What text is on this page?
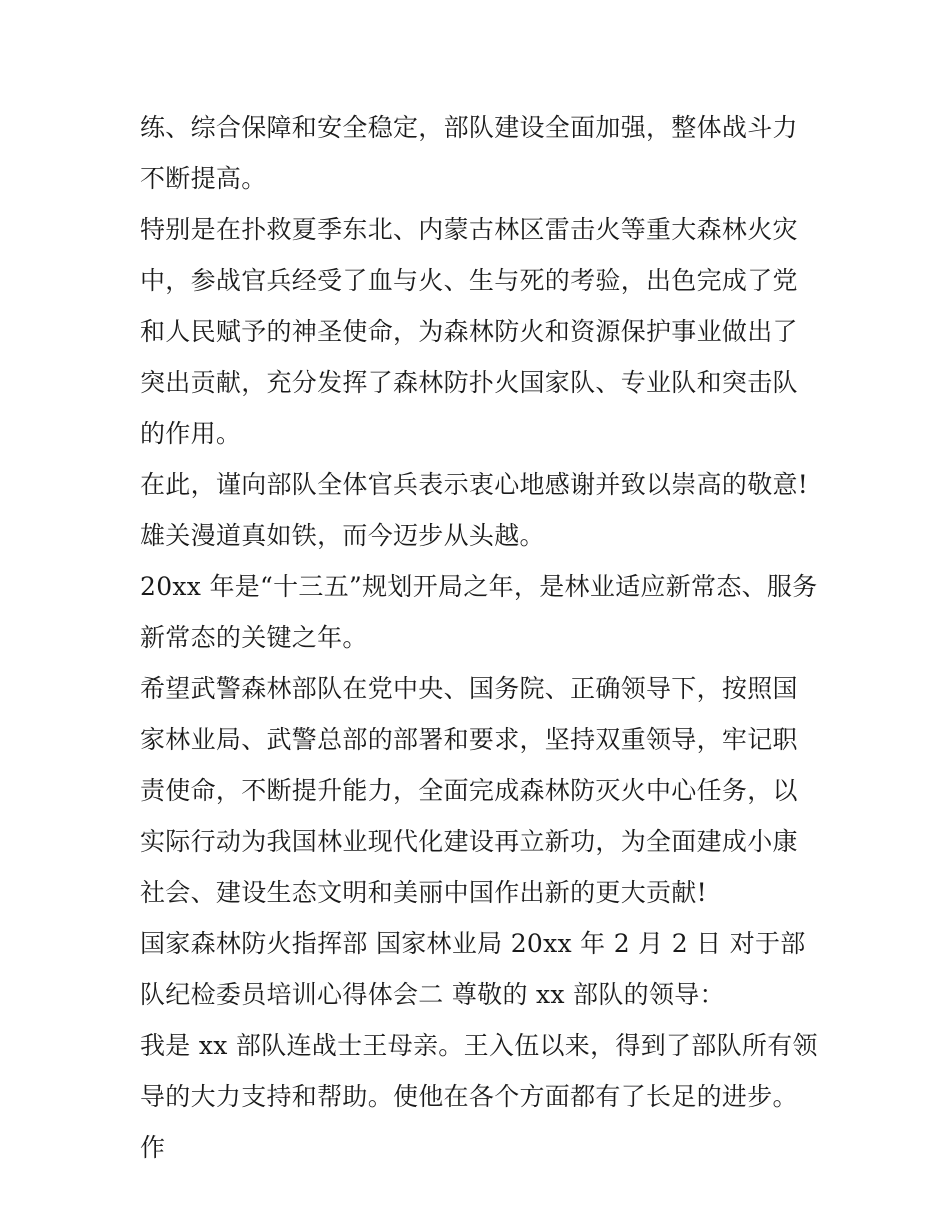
练、综合保障和安全稳定，部队建设全面加强，整体战斗力不断提高。

特别是在扑救夏季东北、内蒙古林区雷击火等重大森林火灾中，参战官兵经受了血与火、生与死的考验，出色完成了党和人民赋予的神圣使命，为森林防火和资源保护事业做出了突出贡献，充分发挥了森林防扑火国家队、专业队和突击队的作用。

在此，谨向部队全体官兵表示衷心地感谢并致以崇高的敬意!

雄关漫道真如铁，而今迈步从头越。

20xx 年是“十三五”规划开局之年，是林业适应新常态、服务新常态的关键之年。

希望武警森林部队在党中央、国务院、正确领导下，按照国家林业局、武警总部的部署和要求，坚持双重领导，牢记职责使命，不断提升能力，全面完成森林防灭火中心任务，以实际行动为我国林业现代化建设再立新功，为全面建成小康社会、建设生态文明和美丽中国作出新的更大贡献!

国家森林防火指挥部 国家林业局 20xx 年 2 月 2 日 对于部队纪检委员培训心得体会二 尊敬的 xx 部队的领导：

我是 xx 部队连战士王母亲。王入伍以来，得到了部队所有领导的大力支持和帮助。使他在各个方面都有了长足的进步。作
